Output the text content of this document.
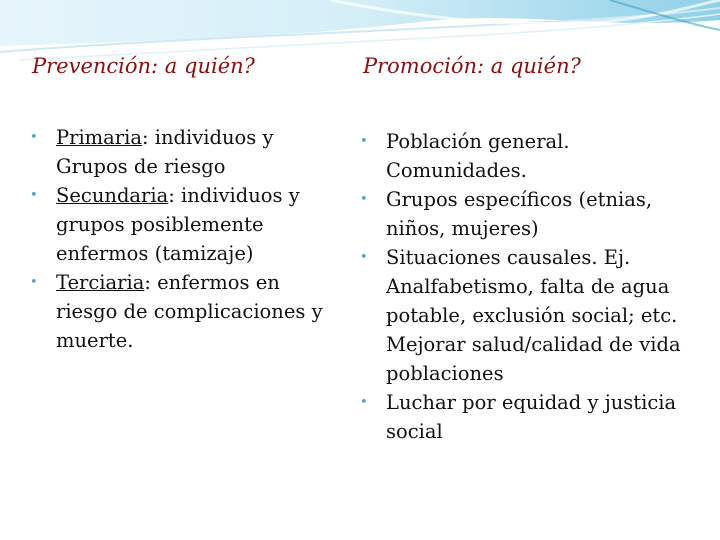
Prevención: a quién?
• Primaria: individuos y Grupos de riesgo
• Secundaria: individuos y grupos posiblemente enfermos (tamizaje)
• Terciaria: enfermos en riesgo de complicaciones y muerte.
Promoción: a quién?
• Población general. Comunidades.
• Grupos específicos (etnias, niños, mujeres)
• Situaciones causales. Ej. Analfabetismo, falta de agua potable, exclusión social; etc. Mejorar salud/calidad de vida poblaciones
• Luchar por equidad y justicia social
